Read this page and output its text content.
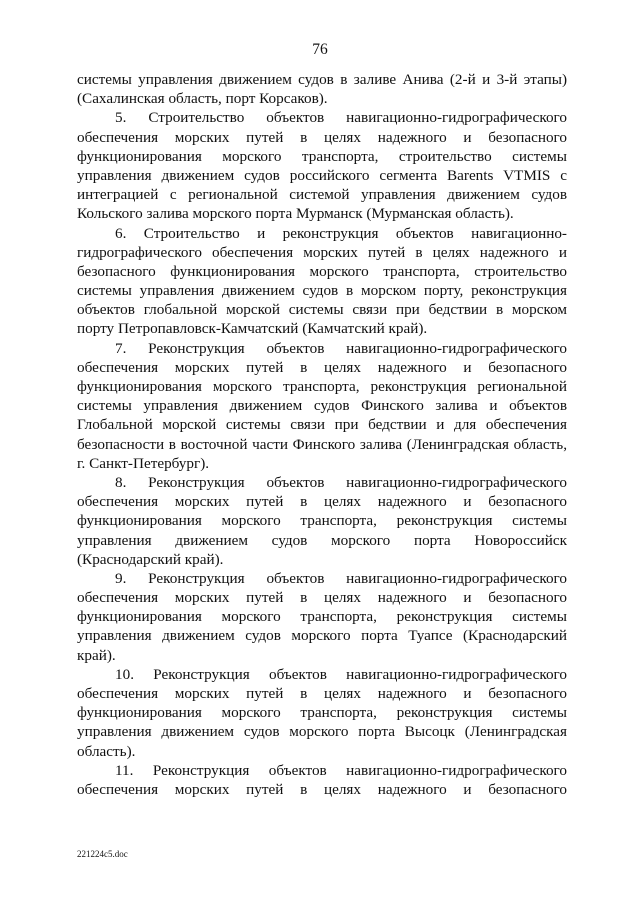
76
системы управления движением судов в заливе Анива (2-й и 3-й этапы)
(Сахалинская область, порт Корсаков).
5. Строительство объектов навигационно-гидрографического
обеспечения морских путей в целях надежного и безопасного
функционирования морского транспорта, строительство системы
управления движением судов российского сегмента Barents VTMIS с
интеграцией с региональной системой управления движением судов
Кольского залива морского порта Мурманск (Мурманская область).
6. Строительство и реконструкция объектов навигационно-
гидрографического обеспечения морских путей в целях надежного и
безопасного функционирования морского транспорта, строительство
системы управления движением судов в морском порту, реконструкция
объектов глобальной морской системы связи при бедствии в морском
порту Петропавловск-Камчатский (Камчатский край).
7. Реконструкция объектов навигационно-гидрографического
обеспечения морских путей в целях надежного и безопасного
функционирования морского транспорта, реконструкция региональной
системы управления движением судов Финского залива и объектов
Глобальной морской системы связи при бедствии и для обеспечения
безопасности в восточной части Финского залива (Ленинградская область,
г. Санкт-Петербург).
8. Реконструкция объектов навигационно-гидрографического
обеспечения морских путей в целях надежного и безопасного
функционирования морского транспорта, реконструкция системы
управления движением судов морского порта Новороссийск
(Краснодарский край).
9. Реконструкция объектов навигационно-гидрографического
обеспечения морских путей в целях надежного и безопасного
функционирования морского транспорта, реконструкция системы
управления движением судов морского порта Туапсе (Краснодарский
край).
10. Реконструкция объектов навигационно-гидрографического
обеспечения морских путей в целях надежного и безопасного
функционирования морского транспорта, реконструкция системы
управления движением судов морского порта Высоцк (Ленинградская
область).
11. Реконструкция объектов навигационно-гидрографического
обеспечения морских путей в целях надежного и безопасного
221224c5.doc
